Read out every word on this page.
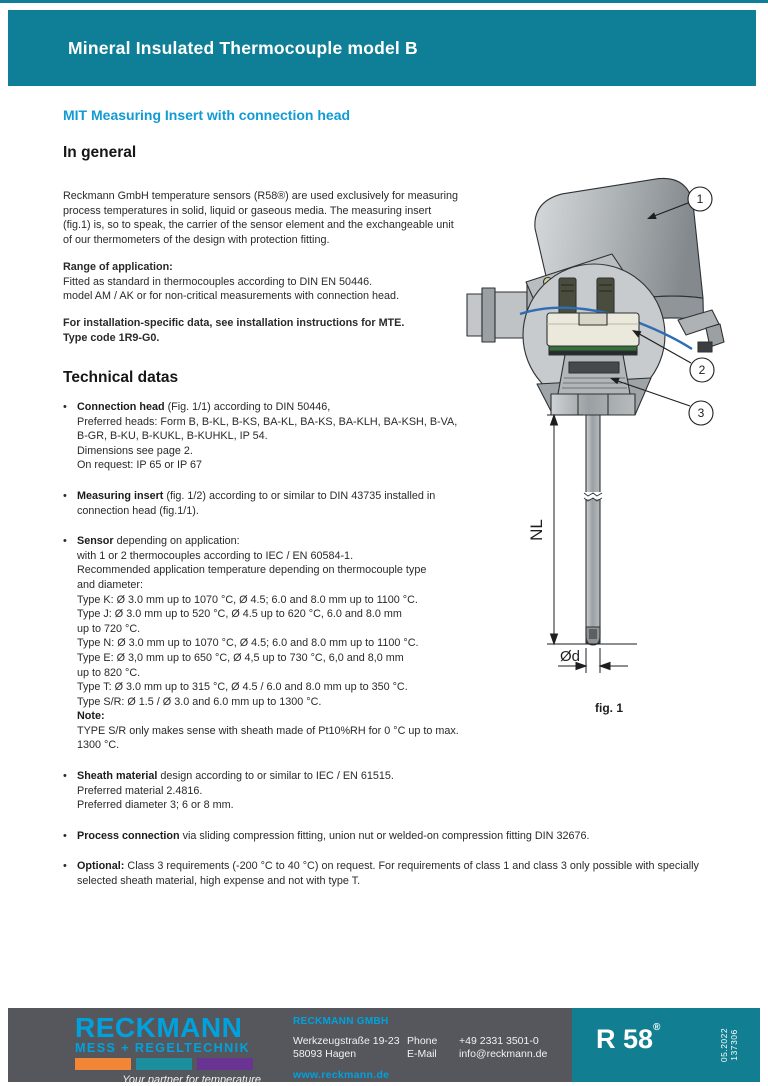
Mineral Insulated Thermocouple model B
MIT Measuring Insert with connection head
In general
Reckmann GmbH temperature sensors (R58®) are used exclusively for measuring
process temperatures in solid, liquid or gaseous media. The measuring insert
(fig.1) is, so to speak, the carrier of the sensor element and the exchangeable unit
of our thermometers of the design with protection fitting.
Range of application:
Fitted as standard in thermocouples according to DIN EN 50446.
model AM / AK or for non-critical measurements with connection head.
For installation-specific data, see installation instructions for MTE.
Type code 1R9-G0.
Technical datas
• Connection head (Fig. 1/1) according to DIN 50446,
Preferred heads: Form B, B-KL, B-KS, BA-KL, BA-KS, BA-KLH, BA-KSH, B-VA,
B-GR, B-KU, B-KUKL, B-KUHKL, IP 54.
Dimensions see page 2.
On request: IP 65 or IP 67
• Measuring insert (fig. 1/2) according to or similar to DIN 43735 installed in
connection head (fig.1/1).
• Sensor depending on application:
with 1 or 2 thermocouples according to IEC / EN 60584-1.
Recommended application temperature depending on thermocouple type
and diameter:
Type K: Ø 3.0 mm up to 1070 °C, Ø 4.5; 6.0 and 8.0 mm up to 1100 °C.
Type J: Ø 3.0 mm up to 520 °C, Ø 4.5 up to 620 °C, 6.0 and 8.0 mm
up to 720 °C.
Type N: Ø 3.0 mm up to 1070 °C, Ø 4.5; 6.0 and 8.0 mm up to 1100 °C.
Type E: Ø 3,0 mm up to 650 °C, Ø 4,5 up to 730 °C, 6,0 and 8,0 mm
up to 820 °C.
Type T: Ø 3.0 mm up to 315 °C, Ø 4.5 / 6.0 and 8.0 mm up to 350 °C.
Type S/R: Ø 1.5 / Ø 3.0 and 6.0 mm up to 1300 °C.
Note:
TYPE S/R only makes sense with sheath made of Pt10%RH for 0 °C up to max.
1300 °C.
• Sheath material design according to or similar to IEC / EN 61515.
Preferred material 2.4816.
Preferred diameter 3; 6 or 8 mm.
• Process connection via sliding compression fitting, union nut or welded-on compression fitting DIN 32676.
• Optional: Class 3 requirements (-200 °C to 40 °C) on request. For requirements of class 1 and class 3 only possible with specially
selected sheath material, high expense and not with type T.
NL
Ød
1
2
3
fig. 1
RECKMANN
MESS + REGELTECHNIK
Your partner for temperature
RECKMANN GMBH
Werkzeugstraße 19-23 Phone	+49 2331 3501-0
58093 Hagen	E-Mail	info@reckmann.de
www.reckmann.de
R 58®
05.2022 137306
